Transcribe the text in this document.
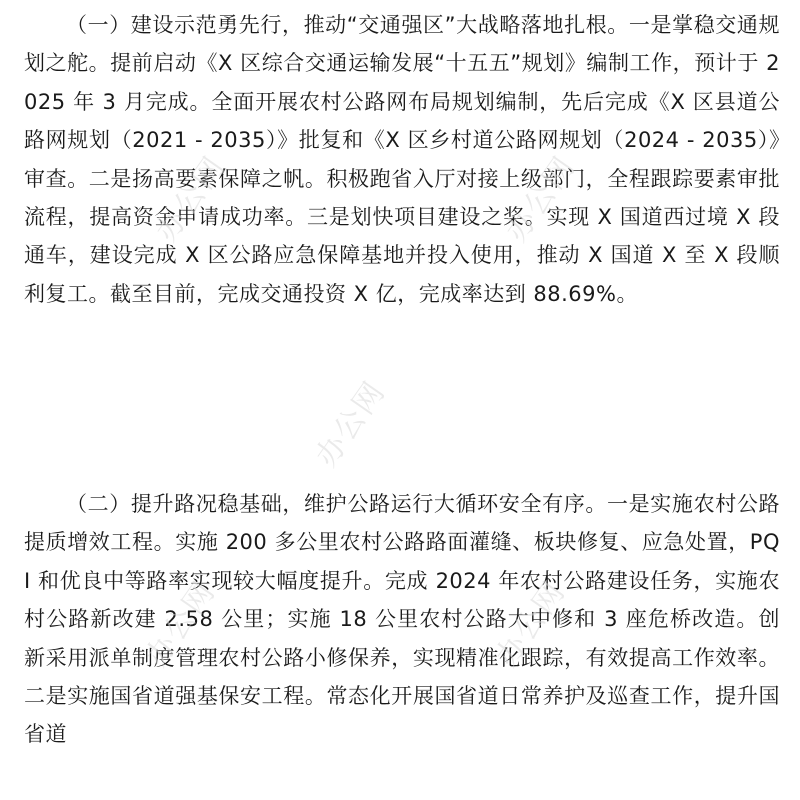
（一）建设示范勇先行，推动“交通强区”大战略落地扎根。一是掌稳交通规划之舵。提前启动《X 区综合交通运输发展“十五五”规划》编制工作，预计于 2025 年 3 月完成。全面开展农村公路网布局规划编制，先后完成《X 区县道公路网规划（2021 - 2035）》批复和《X 区乡村道公路网规划（2024 - 2035）》审查。二是扬高要素保障之帆。积极跑省入厅对接上级部门，全程跟踪要素审批流程，提高资金申请成功率。三是划快项目建设之桨。实现 X 国道西过境 X 段通车，建设完成 X 区公路应急保障基地并投入使用，推动 X 国道 X 至 X 段顺利复工。截至目前，完成交通投资 X 亿，完成率达到 88.69%。

（二）提升路况稳基础，维护公路运行大循环安全有序。一是实施农村公路提质增效工程。实施 200 多公里农村公路路面灌缝、板块修复、应急处置，PQI 和优良中等路率实现较大幅度提升。完成 2024 年农村公路建设任务，实施农村公路新改建 2.58 公里；实施 18 公里农村公路大中修和 3 座危桥改造。创新采用派单制度管理农村公路小修保养，实现精准化跟踪，有效提高工作效率。二是实施国省道强基保安工程。常态化开展国省道日常养护及巡查工作，提升国省道

办公网	办公网
办公网
办公网	办公网
